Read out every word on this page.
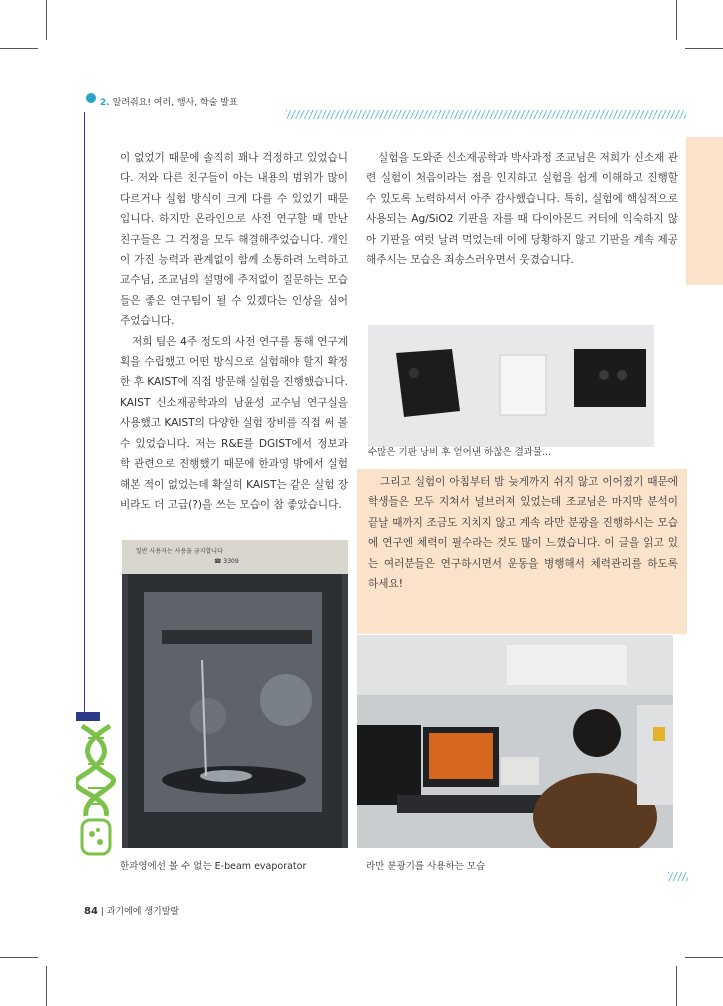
2. 알려줘요! 여러, 행사, 학술 발표

이 없었기 때문에 솔직히 꽤나 걱정하고 있었습니다. 저와 다른 친구들이 아는 내용의 범위가 많이 다르거나 실험 방식이 크게 다를 수 있었기 때문입니다. 하지만 온라인으로 사전 연구할 때 만난 친구들은 그 걱정을 모두 해결해주었습니다. 개인이 가진 능력과 관계없이 함께 소통하려 노력하고 교수님, 조교님의 설명에 주저없이 질문하는 모습들은 좋은 연구팀이 될 수 있겠다는 인상을 심어 주었습니다.

저희 팀은 4주 정도의 사전 연구를 통해 연구계획을 수립했고 어떤 방식으로 실험해야 할지 확정한 후 KAIST에 직접 방문해 실험을 진행했습니다. KAIST 신소재공학과의 남윤성 교수님 연구실을 사용했고 KAIST의 다양한 실험 장비를 직접 써 볼 수 있었습니다. 저는 R&E를 DGIST에서 정보과학 관련으로 진행했기 때문에 한과영 밖에서 실험해본 적이 없었는데 확실히 KAIST는 같은 실험 장비라도 더 고급(?)을 쓰는 모습이 참 좋았습니다.

실험을 도와준 신소재공학과 박사과정 조교님은 저희가 신소재 관련 실험이 처음이라는 점을 인지하고 실험을 쉽게 이해하고 진행할 수 있도록 노력하셔서 아주 감사했습니다. 특히, 실험에 핵심적으로 사용되는 Ag/SiO2 기판을 자를 때 다이아몬드 커터에 익숙하지 않아 기판을 여럿 날려 먹었는데 이에 당황하지 않고 기판을 계속 제공해주시는 모습은 죄송스러우면서 웃겼습니다.

수많은 기판 낭비 후 얻어낸 하찮은 결과물...

그리고 실험이 아침부터 밤 늦게까지 쉬지 않고 이어졌기 때문에 학생들은 모두 지쳐서 널브러져 있었는데 조교님은 마지막 분석이 끝날 때까지 조금도 지치지 않고 계속 라만 분광을 진행하시는 모습에 연구엔 체력이 필수라는 것도 많이 느꼈습니다. 이 글을 읽고 있는 여러분들은 연구하시면서 운동을 병행해서 체력관리를 하도록 하세요!

일반 사용자는 사용을 금지합니다
☎ 3309
한과영에선 볼 수 없는 E-beam evaporator	라만 분광기를 사용하는 모습
84 | 과기에에 생기발랄
